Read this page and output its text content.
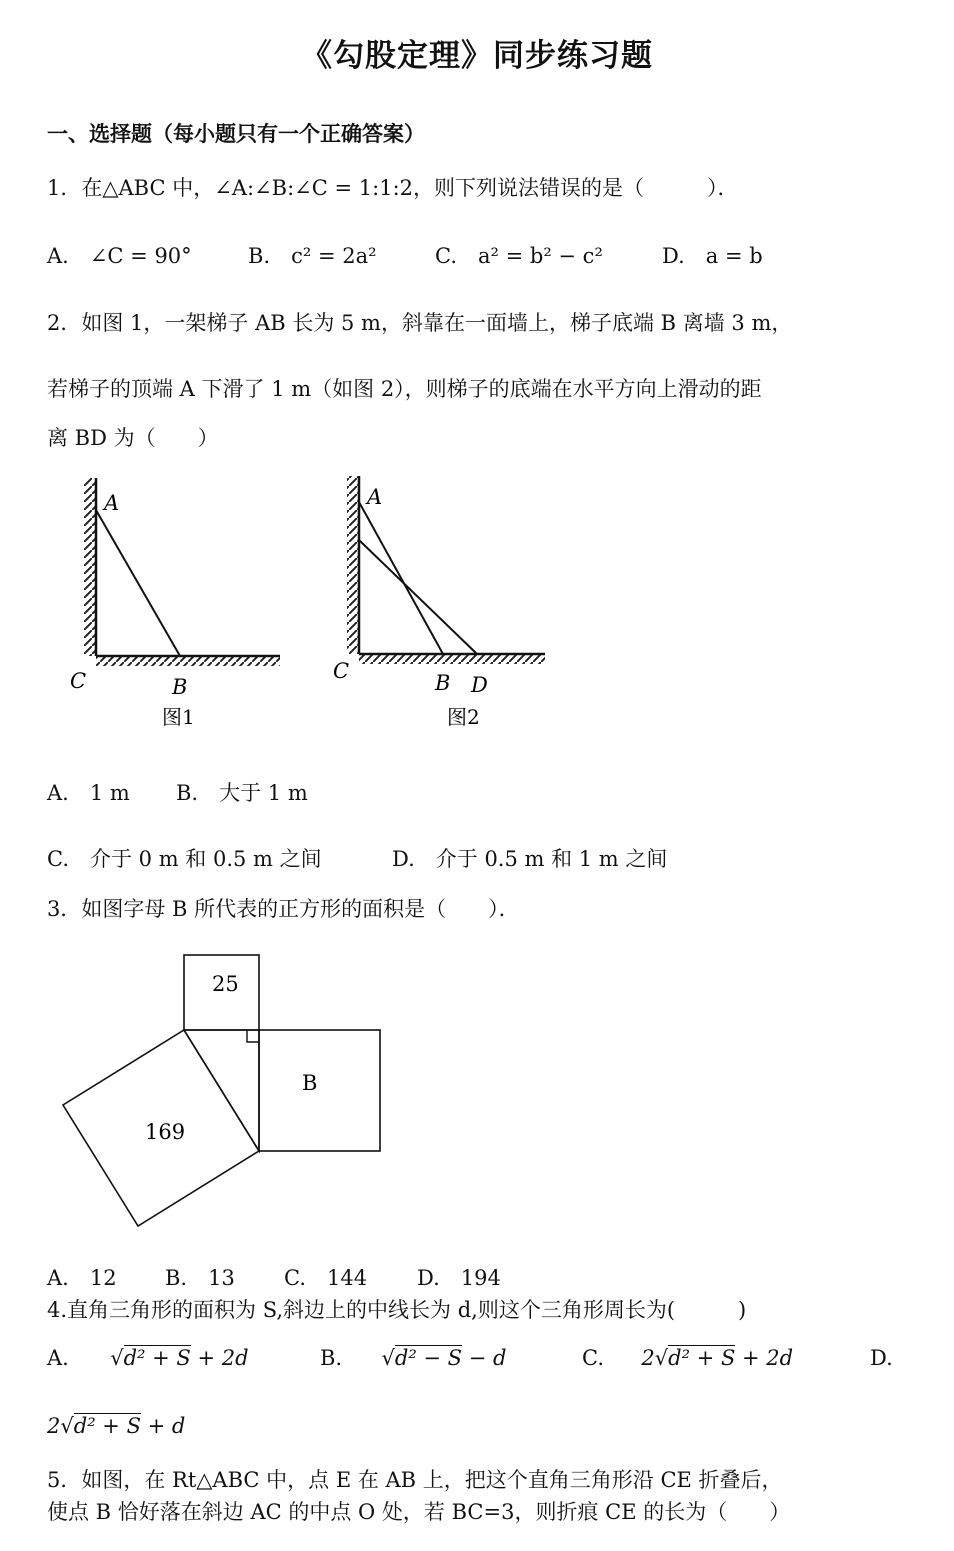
《勾股定理》同步练习题
一、选择题（每小题只有一个正确答案）
1．在△ABC 中，∠A:∠B:∠C = 1:1:2，则下列说法错误的是（　　　）．
A.　∠C = 90°	B.　c² = 2a²	C.　a² = b² − c²	D.　a = b
2．如图 1，一架梯子 AB 长为 5 m，斜靠在一面墙上，梯子底端 B 离墙 3 m，
若梯子的顶端 A 下滑了 1 m（如图 2），则梯子的底端在水平方向上滑动的距
离 BD 为（　　）
A
C	B
图1
A
C	B D
图2
A.　1 m B.　大于 1 m
C.　介于 0 m 和 0.5 m 之间	D.　介于 0.5 m 和 1 m 之间
3．如图字母 B 所代表的正方形的面积是（　　）．
25
B
169
A.　12 B.　13 C.　144 D.　194
4.直角三角形的面积为 S,斜边上的中线长为 d,则这个三角形周长为(　　　)
A. √d² + S + 2d	B. √d² − S − d	C. 2√d² + S + 2d	D.
2√d² + S + d
5．如图，在 Rt△ABC 中，点 E 在 AB 上，把这个直角三角形沿 CE 折叠后，
使点 B 恰好落在斜边 AC 的中点 O 处，若 BC=3，则折痕 CE 的长为（　　）
